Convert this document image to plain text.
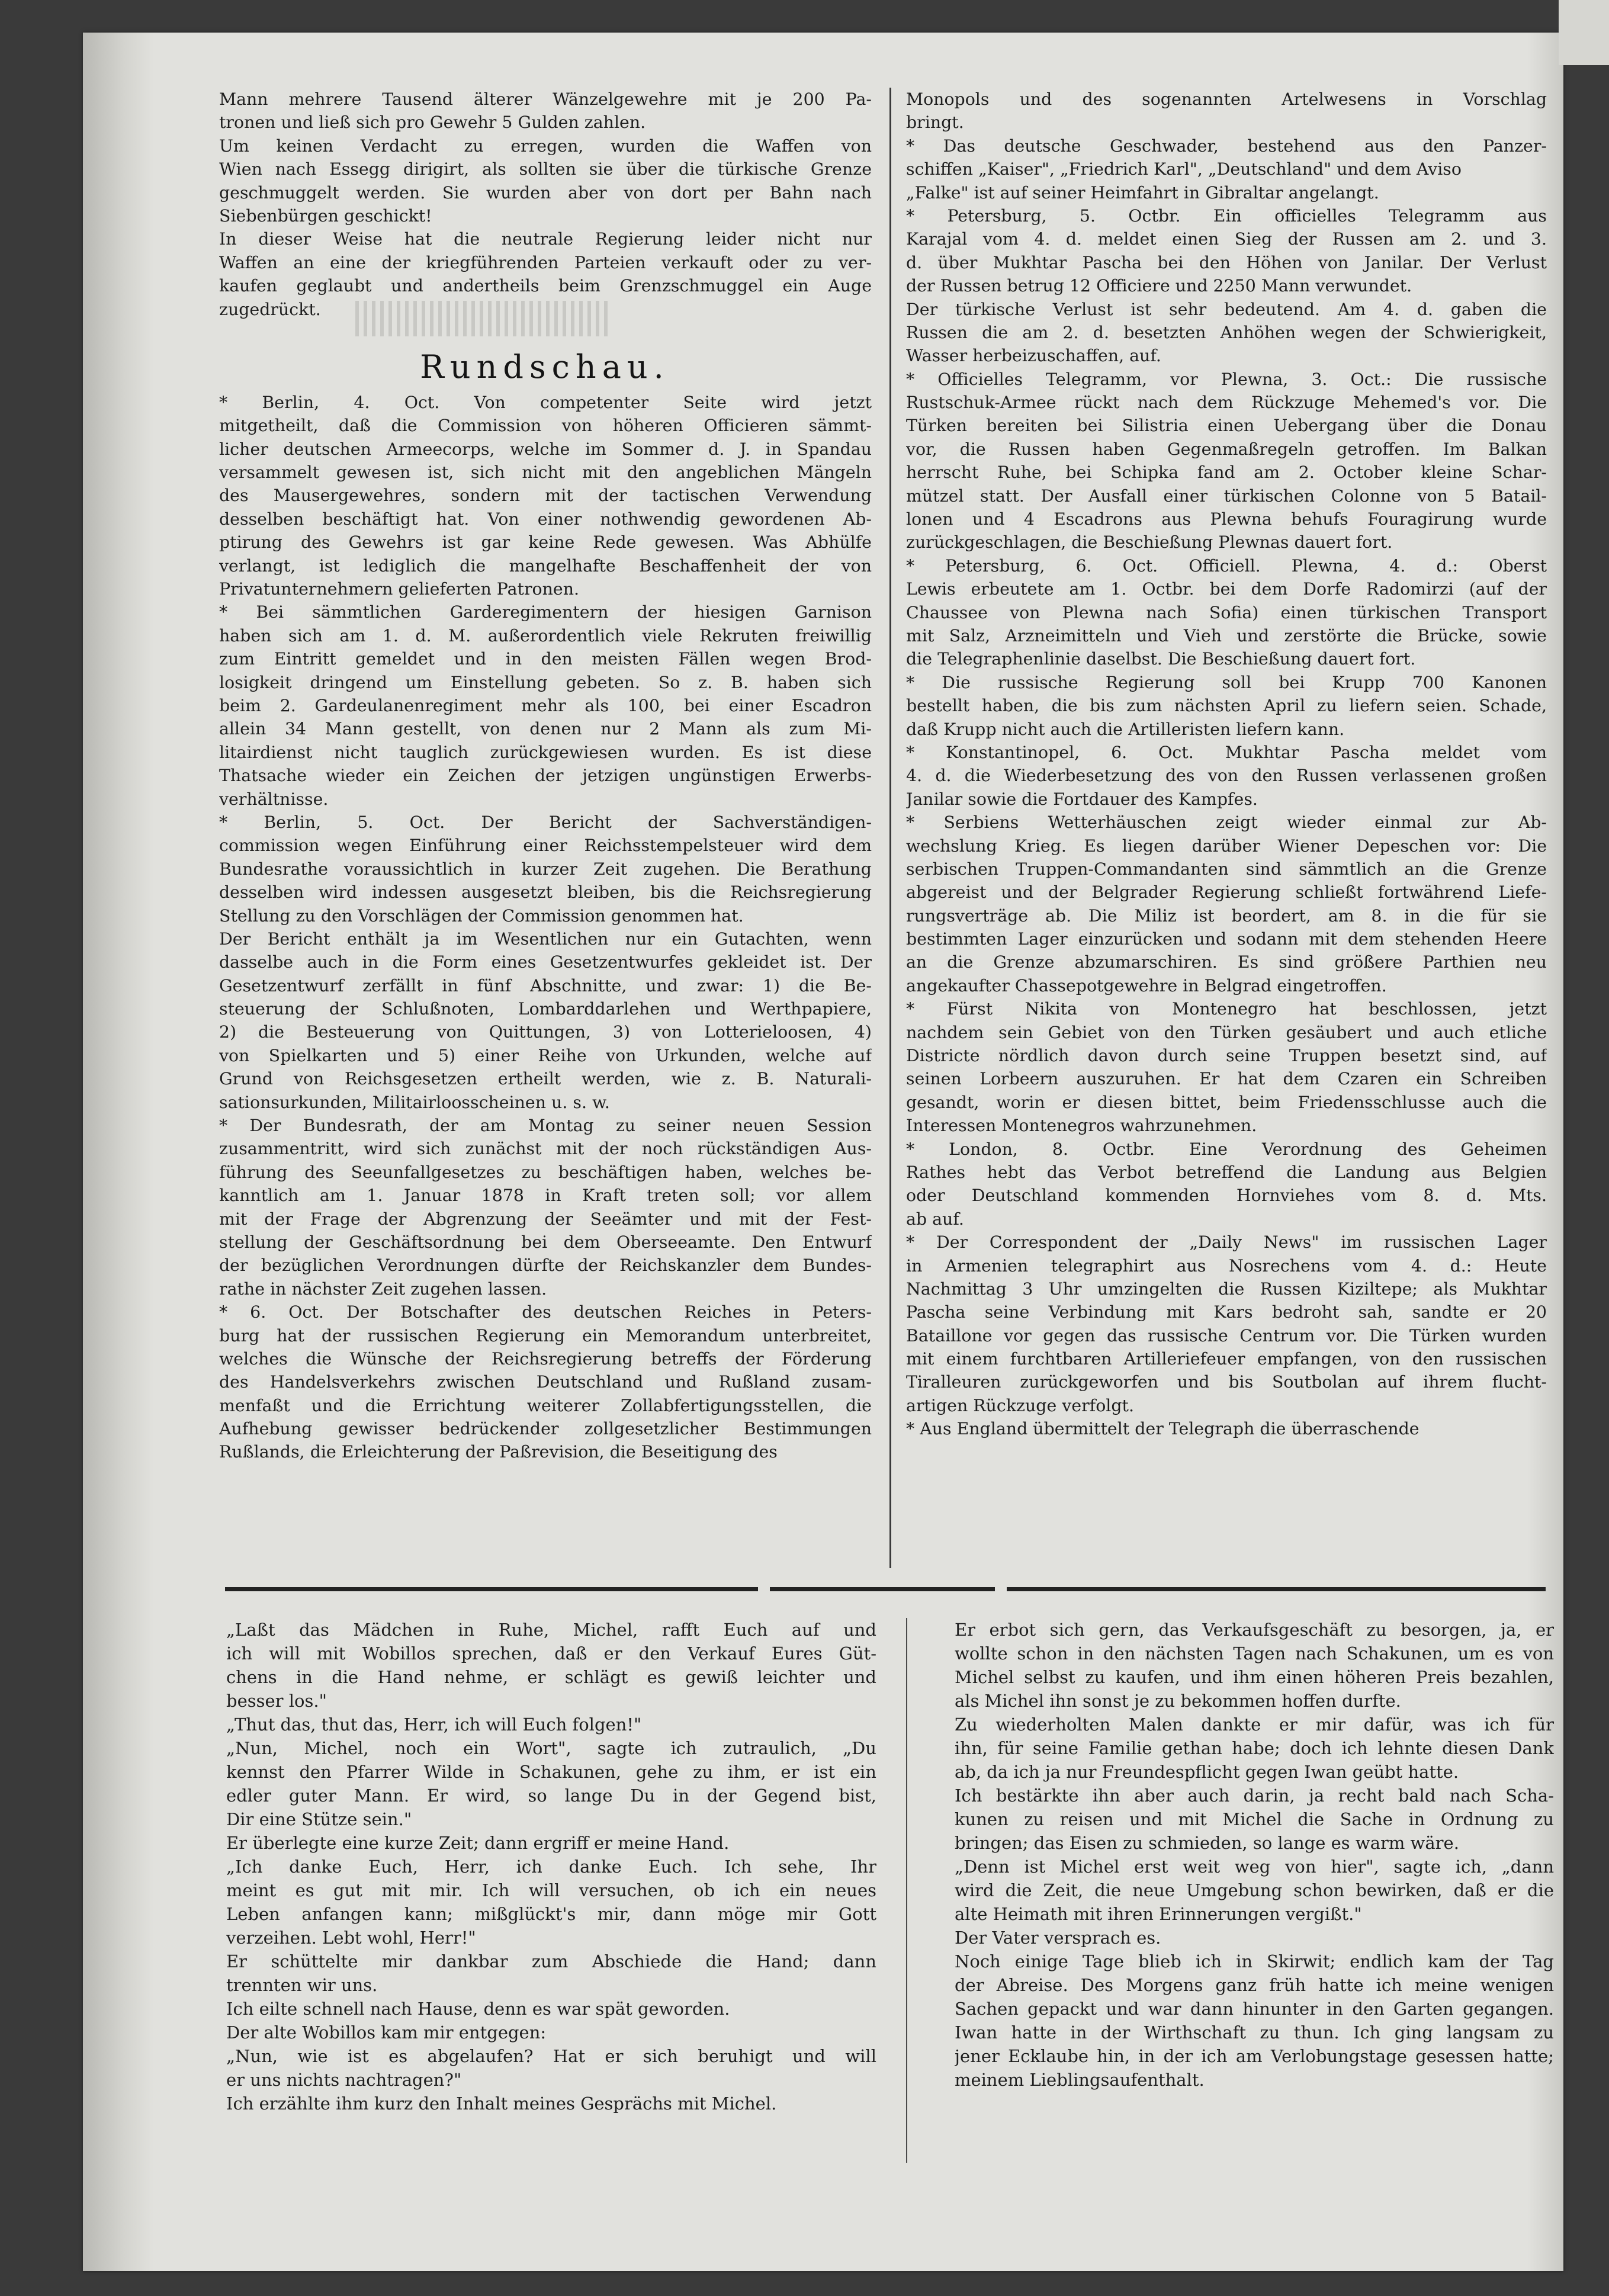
Mann mehrere Tausend älterer Wänzelgewehre mit je 200 Pa-
tronen und ließ sich pro Gewehr 5 Gulden zahlen.
Um keinen Verdacht zu erregen, wurden die Waffen von
Wien nach Essegg dirigirt, als sollten sie über die türkische Grenze
geschmuggelt werden. Sie wurden aber von dort per Bahn nach
Siebenbürgen geschickt!
In dieser Weise hat die neutrale Regierung leider nicht nur
Waffen an eine der kriegführenden Parteien verkauft oder zu ver-
kaufen geglaubt und andertheils beim Grenzschmuggel ein Auge
zugedrückt.
* Berlin, 4. Oct. Von competenter Seite wird jetzt
mitgetheilt, daß die Commission von höheren Officieren sämmt-
licher deutschen Armeecorps, welche im Sommer d. J. in Spandau
versammelt gewesen ist, sich nicht mit den angeblichen Mängeln
des Mausergewehres, sondern mit der tactischen Verwendung
desselben beschäftigt hat. Von einer nothwendig gewordenen Ab-
ptirung des Gewehrs ist gar keine Rede gewesen. Was Abhülfe
verlangt, ist lediglich die mangelhafte Beschaffenheit der von
Privatunternehmern gelieferten Patronen.
* Bei sämmtlichen Garderegimentern der hiesigen Garnison
haben sich am 1. d. M. außerordentlich viele Rekruten freiwillig
zum Eintritt gemeldet und in den meisten Fällen wegen Brod-
losigkeit dringend um Einstellung gebeten. So z. B. haben sich
beim 2. Gardeulanenregiment mehr als 100, bei einer Escadron
allein 34 Mann gestellt, von denen nur 2 Mann als zum Mi-
litairdienst nicht tauglich zurückgewiesen wurden. Es ist diese
Thatsache wieder ein Zeichen der jetzigen ungünstigen Erwerbs-
verhältnisse.
* Berlin, 5. Oct. Der Bericht der Sachverständigen-
commission wegen Einführung einer Reichsstempelsteuer wird dem
Bundesrathe voraussichtlich in kurzer Zeit zugehen. Die Berathung
desselben wird indessen ausgesetzt bleiben, bis die Reichsregierung
Stellung zu den Vorschlägen der Commission genommen hat.
Der Bericht enthält ja im Wesentlichen nur ein Gutachten, wenn
dasselbe auch in die Form eines Gesetzentwurfes gekleidet ist. Der
Gesetzentwurf zerfällt in fünf Abschnitte, und zwar: 1) die Be-
steuerung der Schlußnoten, Lombarddarlehen und Werthpapiere,
2) die Besteuerung von Quittungen, 3) von Lotterieloosen, 4)
von Spielkarten und 5) einer Reihe von Urkunden, welche auf
Grund von Reichsgesetzen ertheilt werden, wie z. B. Naturali-
sationsurkunden, Militairloosscheinen u. s. w.
* Der Bundesrath, der am Montag zu seiner neuen Session
zusammentritt, wird sich zunächst mit der noch rückständigen Aus-
führung des Seeunfallgesetzes zu beschäftigen haben, welches be-
kanntlich am 1. Januar 1878 in Kraft treten soll; vor allem
mit der Frage der Abgrenzung der Seeämter und mit der Fest-
stellung der Geschäftsordnung bei dem Oberseeamte. Den Entwurf
der bezüglichen Verordnungen dürfte der Reichskanzler dem Bundes-
rathe in nächster Zeit zugehen lassen.
* 6. Oct. Der Botschafter des deutschen Reiches in Peters-
burg hat der russischen Regierung ein Memorandum unterbreitet,
welches die Wünsche der Reichsregierung betreffs der Förderung
des Handelsverkehrs zwischen Deutschland und Rußland zusam-
menfaßt und die Errichtung weiterer Zollabfertigungsstellen, die
Aufhebung gewisser bedrückender zollgesetzlicher Bestimmungen
Rußlands, die Erleichterung der Paßrevision, die Beseitigung des
Rundschau.
Monopols und des sogenannten Artelwesens in Vorschlag
bringt.
* Das deutsche Geschwader, bestehend aus den Panzer-
schiffen „Kaiser", „Friedrich Karl", „Deutschland" und dem Aviso
„Falke" ist auf seiner Heimfahrt in Gibraltar angelangt.
* Petersburg, 5. Octbr. Ein officielles Telegramm aus
Karajal vom 4. d. meldet einen Sieg der Russen am 2. und 3.
d. über Mukhtar Pascha bei den Höhen von Janilar. Der Verlust
der Russen betrug 12 Officiere und 2250 Mann verwundet.
Der türkische Verlust ist sehr bedeutend. Am 4. d. gaben die
Russen die am 2. d. besetzten Anhöhen wegen der Schwierigkeit,
Wasser herbeizuschaffen, auf.
* Officielles Telegramm, vor Plewna, 3. Oct.: Die russische
Rustschuk-Armee rückt nach dem Rückzuge Mehemed's vor. Die
Türken bereiten bei Silistria einen Uebergang über die Donau
vor, die Russen haben Gegenmaßregeln getroffen. Im Balkan
herrscht Ruhe, bei Schipka fand am 2. October kleine Schar-
mützel statt. Der Ausfall einer türkischen Colonne von 5 Batail-
lonen und 4 Escadrons aus Plewna behufs Fouragirung wurde
zurückgeschlagen, die Beschießung Plewnas dauert fort.
* Petersburg, 6. Oct. Officiell. Plewna, 4. d.: Oberst
Lewis erbeutete am 1. Octbr. bei dem Dorfe Radomirzi (auf der
Chaussee von Plewna nach Sofia) einen türkischen Transport
mit Salz, Arzneimitteln und Vieh und zerstörte die Brücke, sowie
die Telegraphenlinie daselbst. Die Beschießung dauert fort.
* Die russische Regierung soll bei Krupp 700 Kanonen
bestellt haben, die bis zum nächsten April zu liefern seien. Schade,
daß Krupp nicht auch die Artilleristen liefern kann.
* Konstantinopel, 6. Oct. Mukhtar Pascha meldet vom
4. d. die Wiederbesetzung des von den Russen verlassenen großen
Janilar sowie die Fortdauer des Kampfes.
* Serbiens Wetterhäuschen zeigt wieder einmal zur Ab-
wechslung Krieg. Es liegen darüber Wiener Depeschen vor: Die
serbischen Truppen-Commandanten sind sämmtlich an die Grenze
abgereist und der Belgrader Regierung schließt fortwährend Liefe-
rungsverträge ab. Die Miliz ist beordert, am 8. in die für sie
bestimmten Lager einzurücken und sodann mit dem stehenden Heere
an die Grenze abzumarschiren. Es sind größere Parthien neu
angekaufter Chassepotgewehre in Belgrad eingetroffen.
* Fürst Nikita von Montenegro hat beschlossen, jetzt
nachdem sein Gebiet von den Türken gesäubert und auch etliche
Districte nördlich davon durch seine Truppen besetzt sind, auf
seinen Lorbeern auszuruhen. Er hat dem Czaren ein Schreiben
gesandt, worin er diesen bittet, beim Friedensschlusse auch die
Interessen Montenegros wahrzunehmen.
* London, 8. Octbr. Eine Verordnung des Geheimen
Rathes hebt das Verbot betreffend die Landung aus Belgien
oder Deutschland kommenden Hornviehes vom 8. d. Mts.
ab auf.
* Der Correspondent der „Daily News" im russischen Lager
in Armenien telegraphirt aus Nosrechens vom 4. d.: Heute
Nachmittag 3 Uhr umzingelten die Russen Kiziltepe; als Mukhtar
Pascha seine Verbindung mit Kars bedroht sah, sandte er 20
Bataillone vor gegen das russische Centrum vor. Die Türken wurden
mit einem furchtbaren Artilleriefeuer empfangen, von den russischen
Tiralleuren zurückgeworfen und bis Soutbolan auf ihrem flucht-
artigen Rückzuge verfolgt.
* Aus England übermittelt der Telegraph die überraschende
„Laßt das Mädchen in Ruhe, Michel, rafft Euch auf und
ich will mit Wobillos sprechen, daß er den Verkauf Eures Güt-
chens in die Hand nehme, er schlägt es gewiß leichter und
besser los."
„Thut das, thut das, Herr, ich will Euch folgen!"
„Nun, Michel, noch ein Wort", sagte ich zutraulich, „Du
kennst den Pfarrer Wilde in Schakunen, gehe zu ihm, er ist ein
edler guter Mann. Er wird, so lange Du in der Gegend bist,
Dir eine Stütze sein."
Er überlegte eine kurze Zeit; dann ergriff er meine Hand.
„Ich danke Euch, Herr, ich danke Euch. Ich sehe, Ihr
meint es gut mit mir. Ich will versuchen, ob ich ein neues
Leben anfangen kann; mißglückt's mir, dann möge mir Gott
verzeihen. Lebt wohl, Herr!"
Er schüttelte mir dankbar zum Abschiede die Hand; dann
trennten wir uns.
Ich eilte schnell nach Hause, denn es war spät geworden.
Der alte Wobillos kam mir entgegen:
„Nun, wie ist es abgelaufen? Hat er sich beruhigt und will
er uns nichts nachtragen?"
Ich erzählte ihm kurz den Inhalt meines Gesprächs mit Michel.
Er erbot sich gern, das Verkaufsgeschäft zu besorgen, ja, er
wollte schon in den nächsten Tagen nach Schakunen, um es von
Michel selbst zu kaufen, und ihm einen höheren Preis bezahlen,
als Michel ihn sonst je zu bekommen hoffen durfte.
Zu wiederholten Malen dankte er mir dafür, was ich für
ihn, für seine Familie gethan habe; doch ich lehnte diesen Dank
ab, da ich ja nur Freundespflicht gegen Iwan geübt hatte.
Ich bestärkte ihn aber auch darin, ja recht bald nach Scha-
kunen zu reisen und mit Michel die Sache in Ordnung zu
bringen; das Eisen zu schmieden, so lange es warm wäre.
„Denn ist Michel erst weit weg von hier", sagte ich, „dann
wird die Zeit, die neue Umgebung schon bewirken, daß er die
alte Heimath mit ihren Erinnerungen vergißt."
Der Vater versprach es.
Noch einige Tage blieb ich in Skirwit; endlich kam der Tag
der Abreise. Des Morgens ganz früh hatte ich meine wenigen
Sachen gepackt und war dann hinunter in den Garten gegangen.
Iwan hatte in der Wirthschaft zu thun. Ich ging langsam zu
jener Ecklaube hin, in der ich am Verlobungstage gesessen hatte;
meinem Lieblingsaufenthalt.
